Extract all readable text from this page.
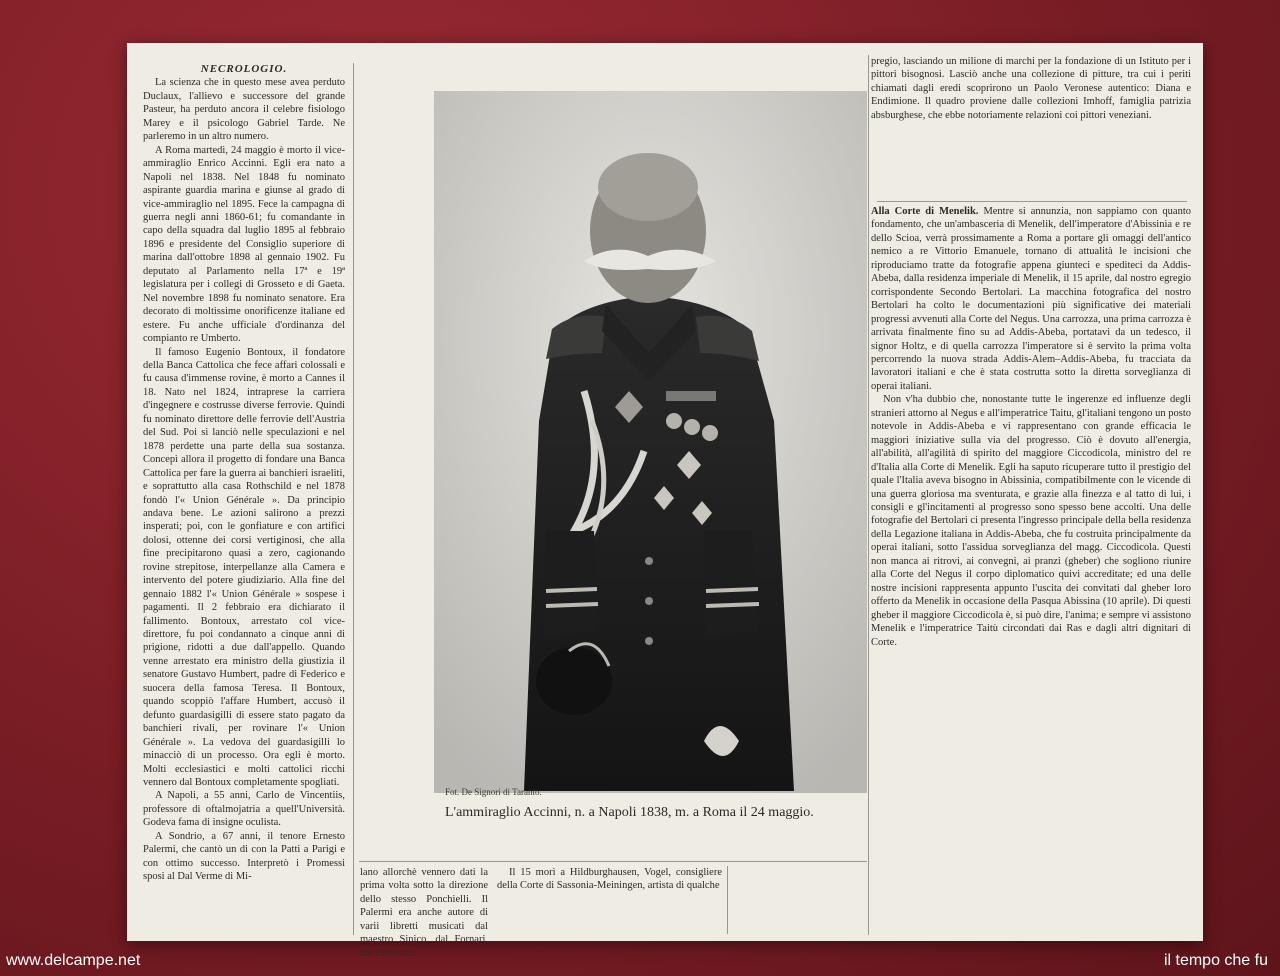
NECROLOGIO.

La scienza che in questo mese avea perduto Duclaux, l'allievo e successore del grande Pasteur, ha perduto ancora il celebre fisiologo Marey e il psicologo Gabriel Tarde. Ne parleremo in un altro numero.

A Roma martedì, 24 maggio è morto il vice-ammiraglio Enrico Accinni. Egli era nato a Napoli nel 1838. Nel 1848 fu nominato aspirante guardia marina e giunse al grado di vice-ammiraglio nel 1895. Fece la campagna di guerra negli anni 1860-61; fu comandante in capo della squadra dal luglio 1895 al febbraio 1896 e presidente del Consiglio superiore di marina dall'ottobre 1898 al gennaio 1902. Fu deputato al Parlamento nella 17ª e 19ª legislatura per i collegi di Grosseto e di Gaeta. Nel novembre 1898 fu nominato senatore. Era decorato di moltissime onorificenze italiane ed estere. Fu anche ufficiale d'ordinanza del compianto re Umberto.

Il famoso Eugenio Bontoux, il fondatore della Banca Cattolica che fece affari colossali e fu causa d'immense rovine, è morto a Cannes il 18. Nato nel 1824, intraprese la carriera d'ingegnere e costrusse diverse ferrovie. Quindi fu nominato direttore delle ferrovie dell'Austria del Sud. Poi si lanciò nelle speculazioni e nel 1878 perdette una parte della sua sostanza. Concepì allora il progetto di fondare una Banca Cattolica per fare la guerra ai banchieri israeliti, e soprattutto alla casa Rothschild e nel 1878 fondò l'« Union Générale ». Da principio andava bene. Le azioni salirono a prezzi insperati; poi, con le gonfiature e con artifici dolosi, ottenne dei corsi vertiginosi, che alla fine precipitarono quasi a zero, cagionando rovine strepitose, interpellanze alla Camera e intervento del potere giudiziario. Alla fine del gennaio 1882 l'« Union Générale » sospese i pagamenti. Il 2 febbraio era dichiarato il fallimento. Bontoux, arrestato col vice-direttore, fu poi condannato a cinque anni di prigione, ridotti a due dall'appello. Quando venne arrestato era ministro della giustizia il senatore Gustavo Humbert, padre di Federico e suocera della famosa Teresa. Il Bontoux, quando scoppiò l'affare Humbert, accusò il defunto guardasigilli di essere stato pagato da banchieri rivali, per rovinare l'« Union Générale ». La vedova del guardasigilli lo minacciò di un processo. Ora egli è morto. Molti ecclesiastici e molti cattolici ricchi vennero dal Bontoux completamente spogliati.

A Napoli, a 55 anni, Carlo de Vincentiis, professore di oftalmojatria a quell'Università. Godeva fama di insigne oculista.

A Sondrio, a 67 anni, il tenore Ernesto Palermi, che cantò un di con la Patti a Parigi e con ottimo successo. Interpretò i Promessi sposi al Dal Verme di Mi-

Fot. De Signori di Taranto.
L'ammiraglio Accinni, n. a Napoli 1838, m. a Roma il 24 maggio.

lano allorchè vennero dati la prima volta sotto la direzione dello stesso Ponchielli. Il Palermi era anche autore di varii libretti musicati dal maestro Sinico, dal Fornari, dal Bottesini.

Il 15 morì a Hildburghausen, Vogel, consigliere della Corte di Sassonia-Meiningen, artista di qualche

pregio, lasciando un milione di marchi per la fondazione di un Istituto per i pittori bisognosi. Lasciò anche una collezione di pitture, tra cui i periti chiamati dagli eredi scoprirono un Paolo Veronese autentico: Diana e Endimione. Il quadro proviene dalle collezioni Imhoff, famiglia patrizia absburghese, che ebbe notoriamente relazioni coi pittori veneziani.

Alla Corte di Menelik. Mentre si annunzia, non sappiamo con quanto fondamento, che un'ambasceria di Menelik, dell'imperatore d'Abissinia e re dello Scioa, verrà prossimamente a Roma a portare gli omaggi dell'antico nemico a re Vittorio Emanuele, tornano di attualità le incisioni che riproduciamo tratte da fotografie appena giunteci e spediteci da Addis-Abeba, dalla residenza imperiale di Menelik, il 15 aprile, dal nostro egregio corrispondente Secondo Bertolari. La macchina fotografica del nostro Bertolari ha colto le documentazioni più significative dei materiali progressi avvenuti alla Corte del Negus. Una carrozza, una prima carrozza è arrivata finalmente fino su ad Addis-Abeba, portatavi da un tedesco, il signor Holtz, e di quella carrozza l'imperatore si è servito la prima volta percorrendo la nuova strada Addis-Alem–Addis-Abeba, fu tracciata da lavoratori italiani e che è stata costrutta sotto la diretta sorveglianza di operai italiani.

Non v'ha dubbio che, nonostante tutte le ingerenze ed influenze degli stranieri attorno al Negus e all'imperatrice Taitu, gl'italiani tengono un posto notevole in Addis-Abeba e vi rappresentano con grande efficacia le maggiori iniziative sulla via del progresso. Ciò è dovuto all'energia, all'abilità, all'agilità di spirito del maggiore Ciccodicola, ministro del re d'Italia alla Corte di Menelik. Egli ha saputo ricuperare tutto il prestigio del quale l'Italia aveva bisogno in Abissinia, compatibilmente con le vicende di una guerra gloriosa ma sventurata, e grazie alla finezza e al tatto di lui, i consigli e gl'incitamenti al progresso sono spesso bene accolti. Una delle fotografie del Bertolari ci presenta l'ingresso principale della bella residenza della Legazione italiana in Addis-Abeba, che fu costruita principalmente da operai italiani, sotto l'assidua sorveglianza del magg. Ciccodicola. Questi non manca ai ritrovi, ai convegni, ai pranzi (gheber) che sogliono riunire alla Corte del Negus il corpo diplomatico quivi accreditate; ed una delle nostre incisioni rappresenta appunto l'uscita dei convitati dal gheber loro offerto da Menelik in occasione della Pasqua Abissina (10 aprile). Di questi gheber il maggiore Ciccodicola è, si può dire, l'anima; e sempre vi assistono Menelik e l'imperatrice Taitù circondati dai Ras e dagli altri dignitari di Corte.

www.delcampe.net	il tempo che fu
